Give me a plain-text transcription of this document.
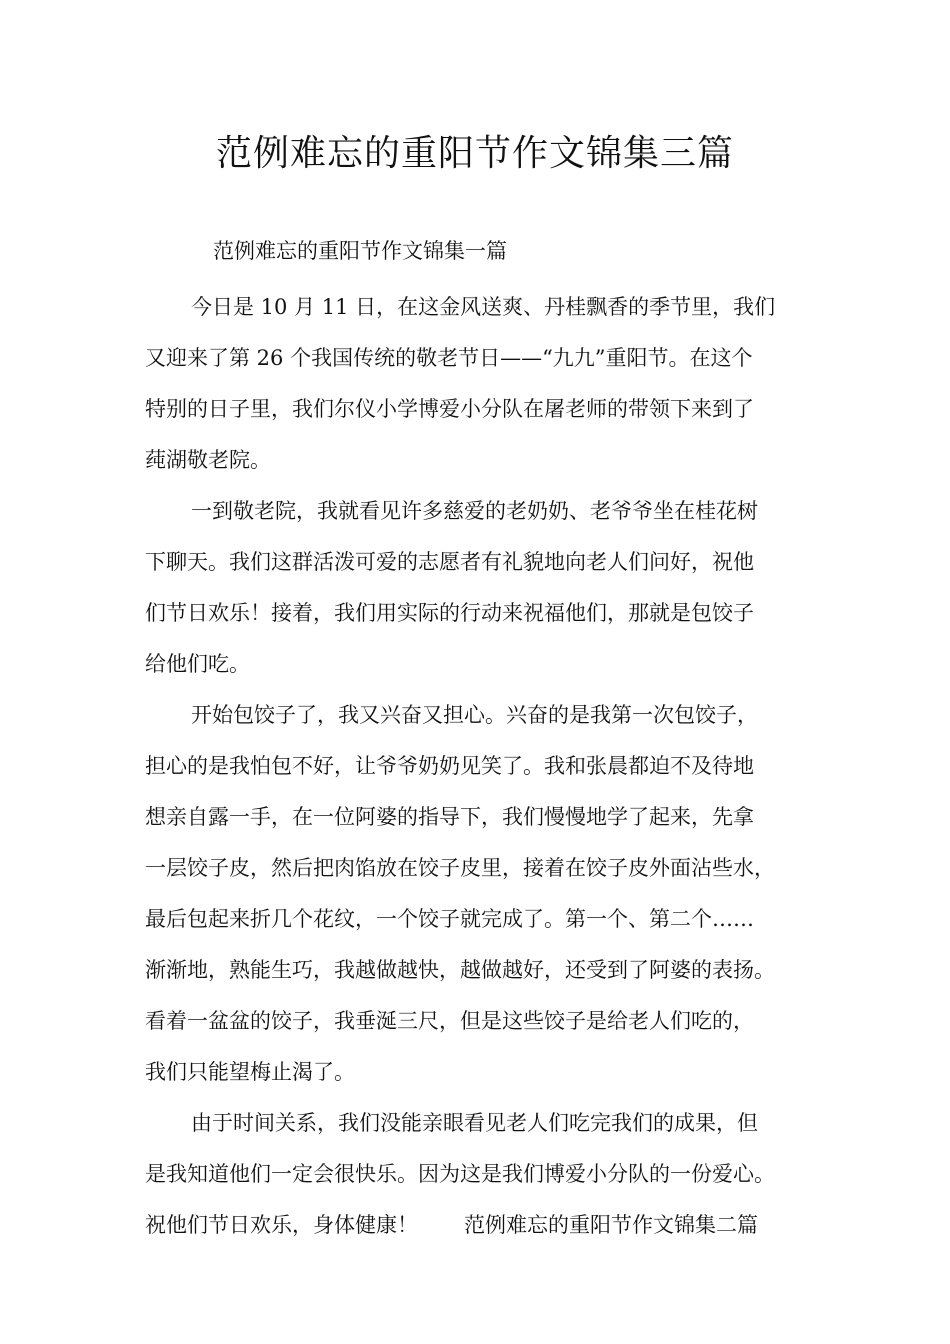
范例难忘的重阳节作文锦集三篇
范例难忘的重阳节作文锦集一篇
今日是 10 月 11 日，在这金风送爽、丹桂飘香的季节里，我们
又迎来了第 26 个我国传统的敬老节日——“九九”重阳节。在这个
特别的日子里，我们尔仪小学博爱小分队在屠老师的带领下来到了
莼湖敬老院。
一到敬老院，我就看见许多慈爱的老奶奶、老爷爷坐在桂花树
下聊天。我们这群活泼可爱的志愿者有礼貌地向老人们问好，祝他
们节日欢乐！接着，我们用实际的行动来祝福他们，那就是包饺子
给他们吃。
开始包饺子了，我又兴奋又担心。兴奋的是我第一次包饺子，
担心的是我怕包不好，让爷爷奶奶见笑了。我和张晨都迫不及待地
想亲自露一手，在一位阿婆的指导下，我们慢慢地学了起来，先拿
一层饺子皮，然后把肉馅放在饺子皮里，接着在饺子皮外面沾些水，
最后包起来折几个花纹，一个饺子就完成了。第一个、第二个……
渐渐地，熟能生巧，我越做越快，越做越好，还受到了阿婆的表扬。
看着一盆盆的饺子，我垂涎三尺，但是这些饺子是给老人们吃的，
我们只能望梅止渴了。
由于时间关系，我们没能亲眼看见老人们吃完我们的成果，但
是我知道他们一定会很快乐。因为这是我们博爱小分队的一份爱心。
祝他们节日欢乐，身体健康！ 范例难忘的重阳节作文锦集二篇
